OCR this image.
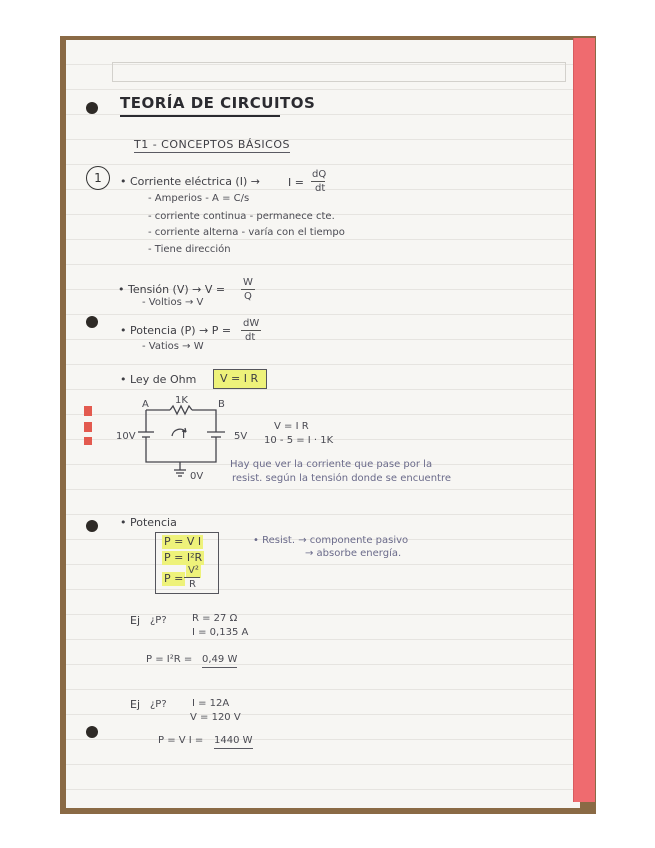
TEORÍA DE CIRCUITOS
T1 - CONCEPTOS BÁSICOS
1	• Corriente eléctrica (I) →	I =
dQ
dt
- Amperios - A = C/s
- corriente continua - permanece cte.
- corriente alterna - varía con el tiempo
- Tiene dirección
• Tensión (V) → V =
W
Q
- Voltios → V
• Potencia (P) → P =
dW
dt
- Vatios → W
• Ley de Ohm V = I R
A	1K	B
I
10V	5V
0V
V = I R
10 - 5 = I · 1K
Hay que ver la corriente que pase por la
resist. según la tensión donde se encuentre
• Potencia
P = V I
P = I²R
P =
V²
R
• Resist. → componente pasivo
→ absorbe energía.
Ej ¿P?	R = 27 Ω
I = 0,135 A
P = I²R = 0,49 W
Ej ¿P?	I = 12A
V = 120 V
P = V I = 1440 W
